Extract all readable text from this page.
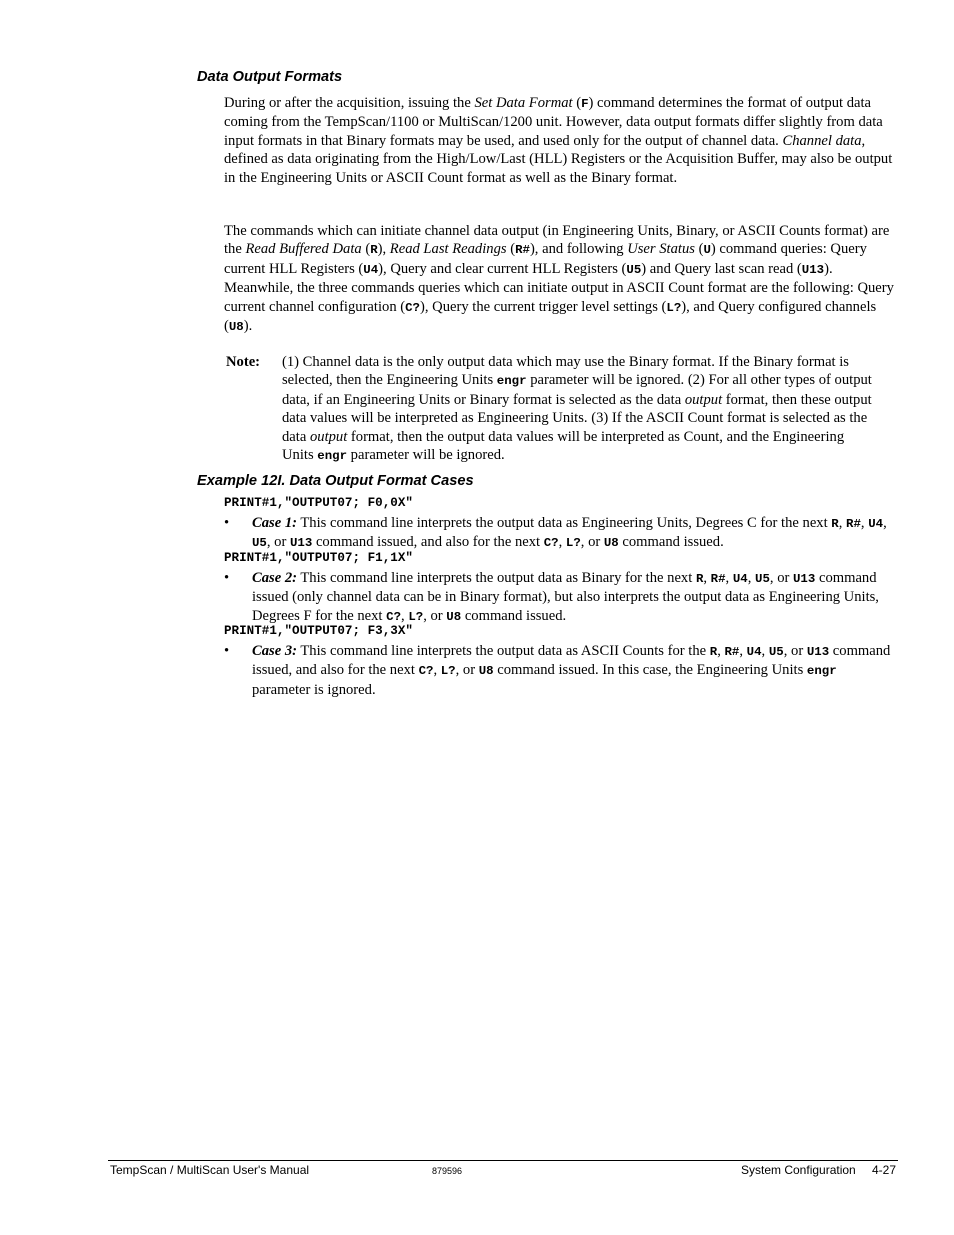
Data Output Formats

During or after the acquisition, issuing the Set Data Format (F) command determines the format of output data coming from the TempScan/1100 or MultiScan/1200 unit. However, data output formats differ slightly from data input formats in that Binary formats may be used, and used only for the output of channel data. Channel data, defined as data originating from the High/Low/Last (HLL) Registers or the Acquisition Buffer, may also be output in the Engineering Units or ASCII Count format as well as the Binary format.

The commands which can initiate channel data output (in Engineering Units, Binary, or ASCII Counts format) are the Read Buffered Data (R), Read Last Readings (R#), and following User Status (U) command queries: Query current HLL Registers (U4), Query and clear current HLL Registers (U5) and Query last scan read (U13). Meanwhile, the three commands queries which can initiate output in ASCII Count format are the following: Query current channel configuration (C?), Query the current trigger level settings (L?), and Query configured channels (U8).

Note:	(1) Channel data is the only output data which may use the Binary format. If the Binary format is selected, then the Engineering Units engr parameter will be ignored. (2) For all other types of output data, if an Engineering Units or Binary format is selected as the data output format, then these output data values will be interpreted as Engineering Units. (3) If the ASCII Count format is selected as the data output format, then the output data values will be interpreted as Count, and the Engineering Units engr parameter will be ignored.
Example 12I. Data Output Format Cases
PRINT#1,"OUTPUT07; F0,0X"
•	Case 1: This command line interprets the output data as Engineering Units, Degrees C for the next R, R#, U4, U5, or U13 command issued, and also for the next C?, L?, or U8 command issued.
PRINT#1,"OUTPUT07; F1,1X"
•	Case 2: This command line interprets the output data as Binary for the next R, R#, U4, U5, or U13 command issued (only channel data can be in Binary format), but also interprets the output data as Engineering Units, Degrees F for the next C?, L?, or U8 command issued.
PRINT#1,"OUTPUT07; F3,3X"
•	Case 3: This command line interprets the output data as ASCII Counts for the R, R#, U4, U5, or U13 command issued, and also for the next C?, L?, or U8 command issued. In this case, the Engineering Units engr parameter is ignored.
TempScan / MultiScan User's Manual	879596	System Configuration 4-27
